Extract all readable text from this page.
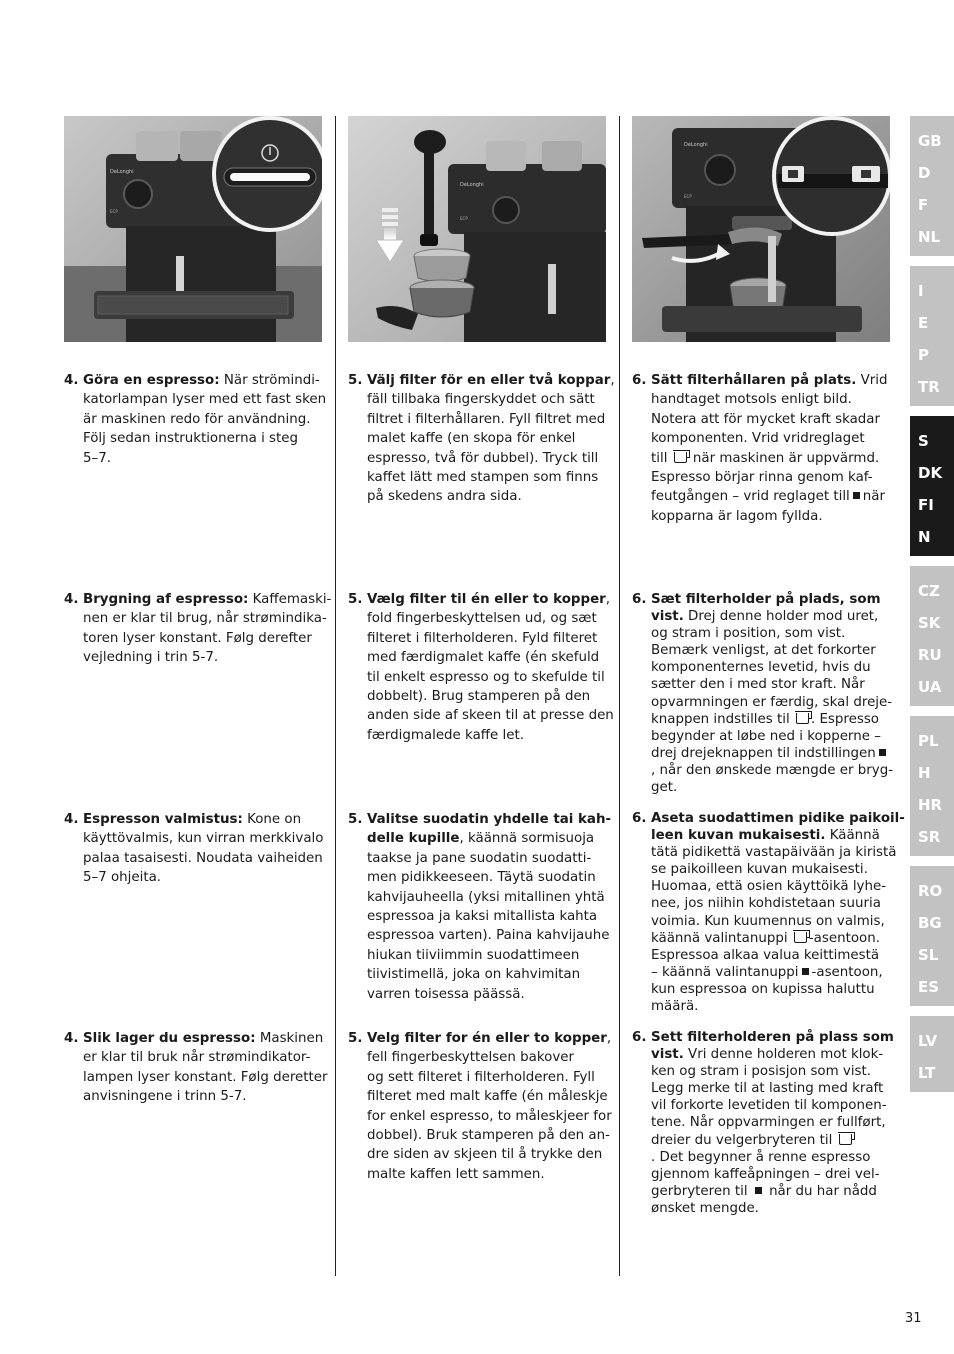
DeLonghi
ECP
DeLonghi
ECP
DeLonghi
ECP
4. Göra en espresso: När strömindi-
katorlampan lyser med ett fast sken
är maskinen redo för användning.
Följ sedan instruktionerna i steg
5–7.
4. Brygning af espresso: Kaffemaski-
nen er klar til brug, når strømindika-
toren lyser konstant. Følg derefter
vejledning i trin 5-7.
4. Espresson valmistus: Kone on
käyttövalmis, kun virran merkkivalo
palaa tasaisesti. Noudata vaiheiden
5–7 ohjeita.
4. Slik lager du espresso: Maskinen
er klar til bruk når strømindikator-
lampen lyser konstant. Følg deretter
anvisningene i trinn 5-7.
5. Välj filter för en eller två koppar,
fäll tillbaka fingerskyddet och sätt
filtret i filterhållaren. Fyll filtret med
malet kaffe (en skopa för enkel
espresso, två för dubbel). Tryck till
kaffet lätt med stampen som finns
på skedens andra sida.
5. Vælg filter til én eller to kopper,
fold fingerbeskyttelsen ud, og sæt
filteret i filterholderen. Fyld filteret
med færdigmalet kaffe (én skefuld
til enkelt espresso og to skefulde til
dobbelt). Brug stamperen på den
anden side af skeen til at presse den
færdigmalede kaffe let.
5. Valitse suodatin yhdelle tai kah-
delle kupille, käännä sormisuoja
taakse ja pane suodatin suodatti-
men pidikkeeseen. Täytä suodatin
kahvijauheella (yksi mitallinen yhtä
espressoa ja kaksi mitallista kahta
espressoa varten). Paina kahvijauhe
hiukan tiiviimmin suodattimeen
tiivistimellä, joka on kahvimitan
varren toisessa päässä.
5. Velg filter for én eller to kopper,
fell fingerbeskyttelsen bakover
og sett filteret i filterholderen. Fyll
filteret med malt kaffe (én måleskje
for enkel espresso, to måleskjeer for
dobbel). Bruk stamperen på den an-
dre siden av skjeen til å trykke den
malte kaffen lett sammen.
6. Sätt filterhållaren på plats. Vrid
handtaget motsols enligt bild.
Notera att för mycket kraft skadar
komponenten. Vrid vridreglaget
till  när maskinen är uppvärmd.
Espresso börjar rinna genom kaf-
feutgången – vrid reglaget till när
kopparna är lagom fyllda.
6. Sæt filterholder på plads, som
vist. Drej denne holder mod uret,
og stram i position, som vist.
Bemærk venligst, at det forkorter
komponenternes levetid, hvis du
sætter den i med stor kraft. Når
opvarmningen er færdig, skal dreje-
knappen indstilles til . Espresso
begynder at løbe ned i kopperne –
drej drejeknappen til indstillingen
, når den ønskede mængde er bryg-
get.
6. Aseta suodattimen pidike paikoil-
leen kuvan mukaisesti. Käännä
tätä pidikettä vastapäivään ja kiristä
se paikoilleen kuvan mukaisesti.
Huomaa, että osien käyttöikä lyhe-
nee, jos niihin kohdistetaan suuria
voimia. Kun kuumennus on valmis,
käännä valintanuppi -asentoon.
Espressoa alkaa valua keittimestä
– käännä valintanuppi -asentoon,
kun espressoa on kupissa haluttu
määrä.
6. Sett filterholderen på plass som
vist. Vri denne holderen mot klok-
ken og stram i posisjon som vist.
Legg merke til at lasting med kraft
vil forkorte levetiden til komponen-
tene. Når oppvarmingen er fullført,
dreier du velgerbryteren til
. Det begynner å renne espresso
gjennom kaffeåpningen – drei vel-
gerbryteren til  når du har nådd
ønsket mengde.
GB
D
F
NL
I
E
P
TR
S
DK
FI
N
CZ
SK
RU
UA
PL
H
HR
SR
RO
BG
SL
ES
LV
LT
31
